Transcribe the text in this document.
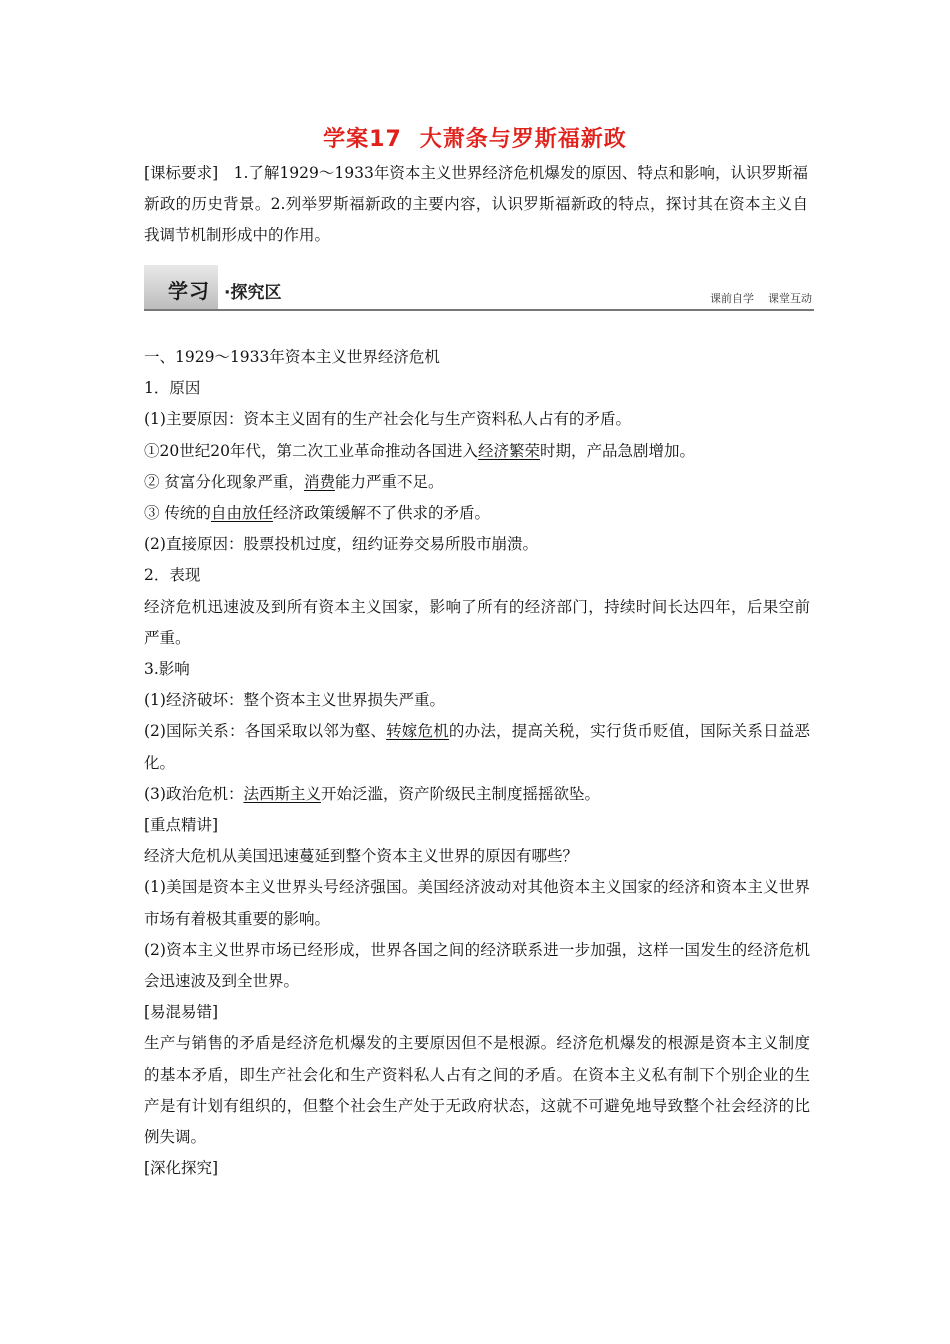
学案17 大萧条与罗斯福新政
[课标要求]　1.了解1929～1933年资本主义世界经济危机爆发的原因、特点和影响，认识罗斯福新政的历史背景。2.列举罗斯福新政的主要内容，认识罗斯福新政的特点，探讨其在资本主义自我调节机制形成中的作用。
学习 ·探究区	课前自学 课堂互动

一、1929～1933年资本主义世界经济危机

1．原因

(1)主要原因：资本主义固有的生产社会化与生产资料私人占有的矛盾。

①20世纪20年代，第二次工业革命推动各国进入经济繁荣时期，产品急剧增加。

② 贫富分化现象严重，消费能力严重不足。

③ 传统的自由放任经济政策缓解不了供求的矛盾。

(2)直接原因：股票投机过度，纽约证券交易所股市崩溃。

2．表现

经济危机迅速波及到所有资本主义国家，影响了所有的经济部门，持续时间长达四年，后果空前严重。

3.影响

(1)经济破坏：整个资本主义世界损失严重。

(2)国际关系：各国采取以邻为壑、转嫁危机的办法，提高关税，实行货币贬值，国际关系日益恶化。

(3)政治危机：法西斯主义开始泛滥，资产阶级民主制度摇摇欲坠。

[重点精讲]

经济大危机从美国迅速蔓延到整个资本主义世界的原因有哪些？

(1)美国是资本主义世界头号经济强国。美国经济波动对其他资本主义国家的经济和资本主义世界市场有着极其重要的影响。

(2)资本主义世界市场已经形成，世界各国之间的经济联系进一步加强，这样一国发生的经济危机会迅速波及到全世界。

[易混易错]

生产与销售的矛盾是经济危机爆发的主要原因但不是根源。经济危机爆发的根源是资本主义制度的基本矛盾，即生产社会化和生产资料私人占有之间的矛盾。在资本主义私有制下个别企业的生产是有计划有组织的，但整个社会生产处于无政府状态，这就不可避免地导致整个社会经济的比例失调。

[深化探究]
